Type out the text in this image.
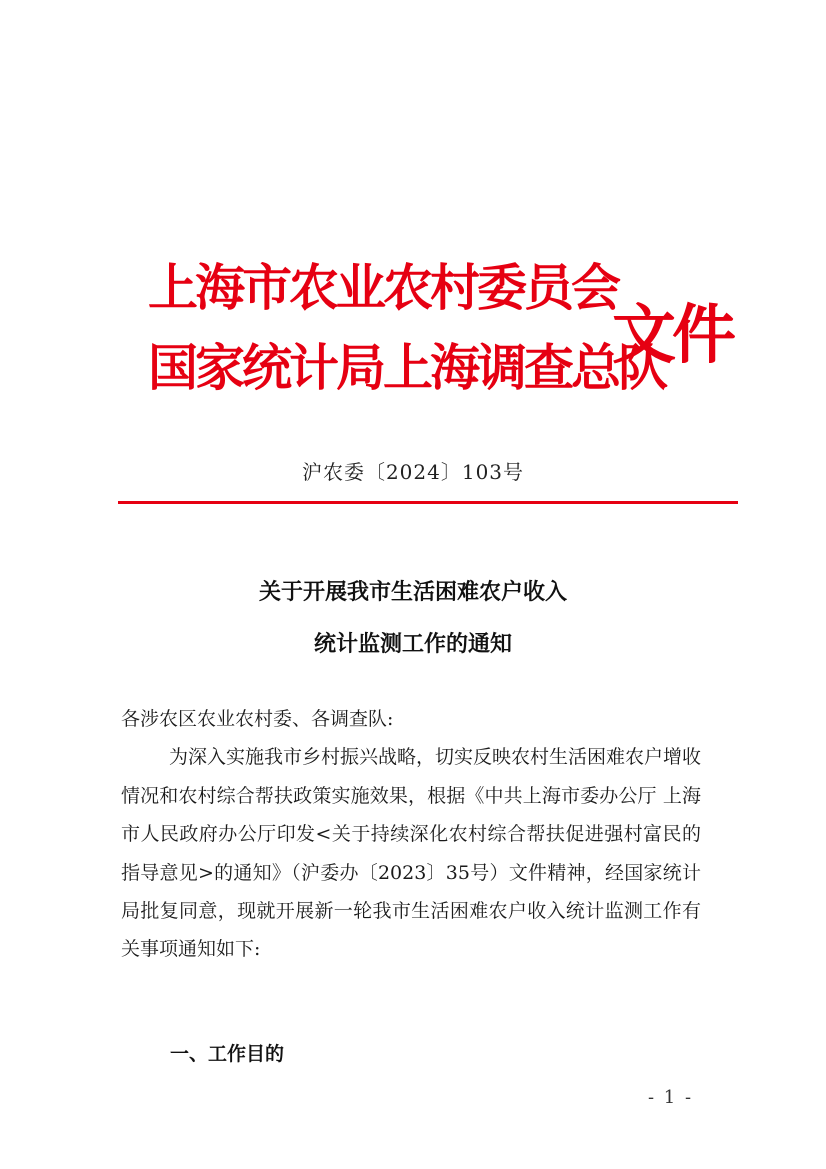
上海市农业农村委员会
国家统计局上海调查总队
文件
沪农委〔2024〕103号
关于开展我市生活困难农户收入
统计监测工作的通知

各涉农区农业农村委、各调查队:

为深入实施我市乡村振兴战略，切实反映农村生活困难农户增收情况和农村综合帮扶政策实施效果，根据《中共上海市委办公厅 上海市人民政府办公厅印发<关于持续深化农村综合帮扶促进强村富民的指导意见>的通知》（沪委办〔2023〕35号）文件精神，经国家统计局批复同意，现就开展新一轮我市生活困难农户收入统计监测工作有关事项通知如下:

一、工作目的
- 1 -
